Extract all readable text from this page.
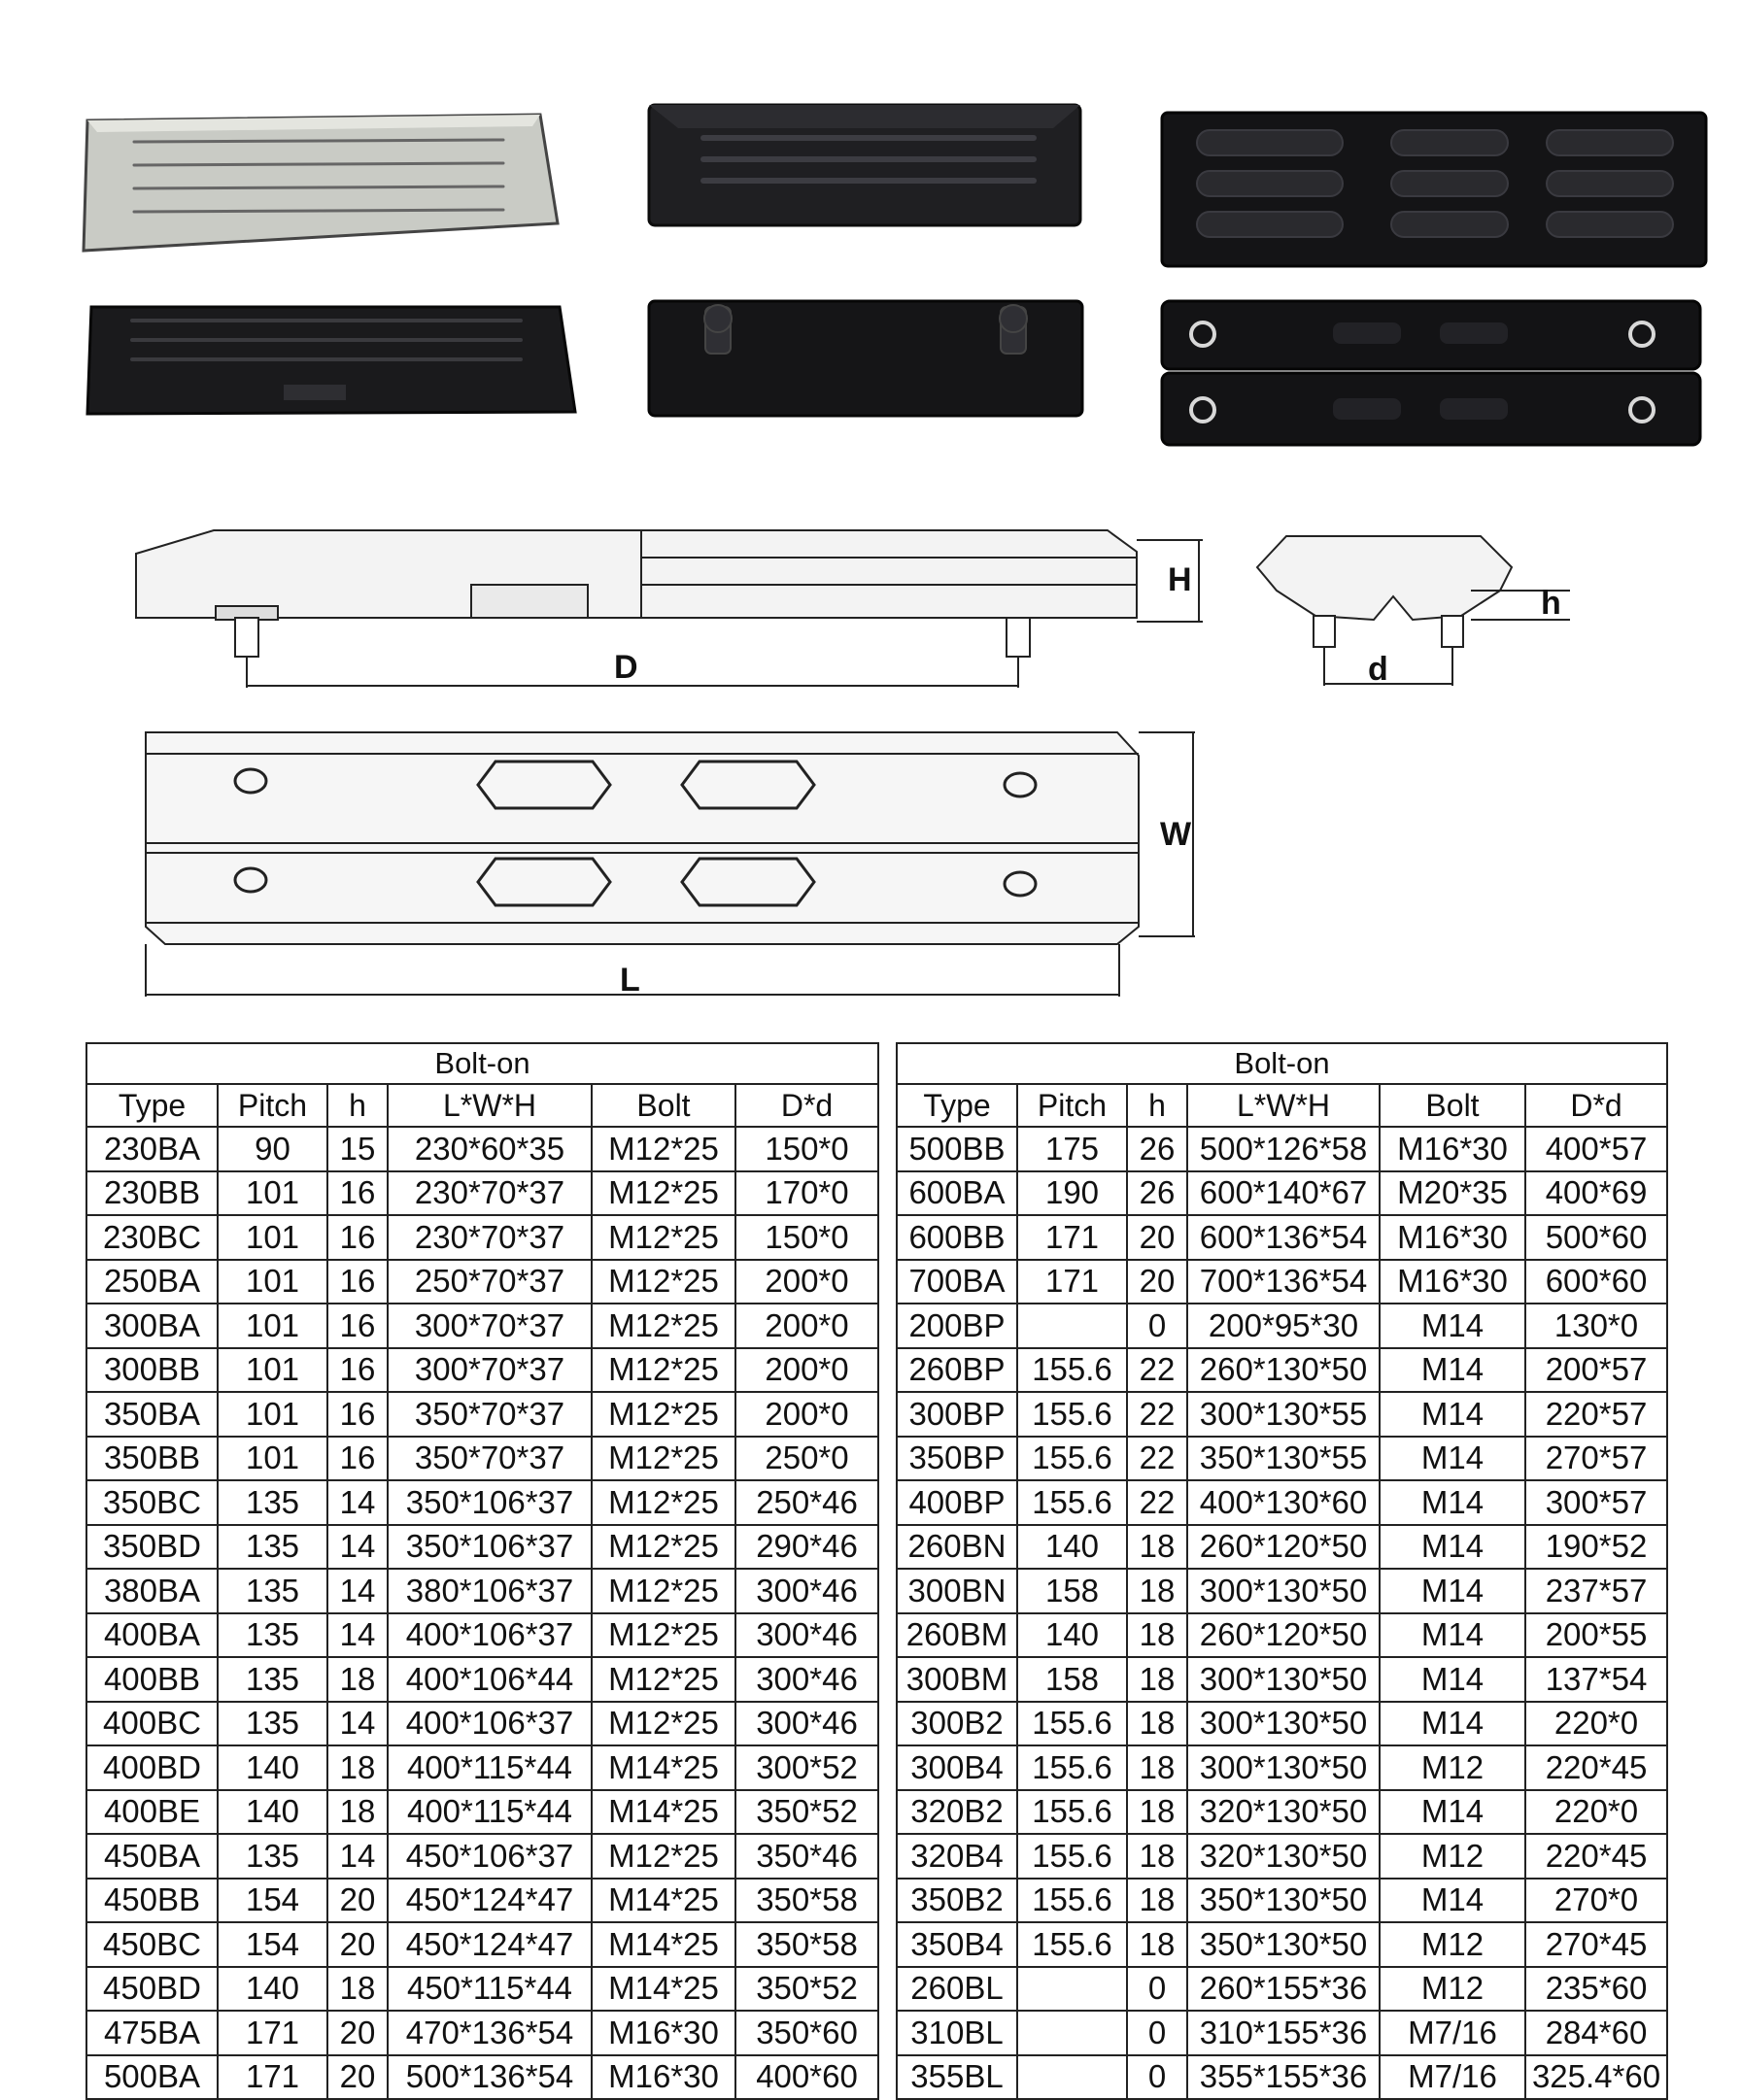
H
D
h
d
W
L
Bolt-on					
Type	Pitch	h	L*W*H	Bolt	D*d
230BA	90	15	230*60*35	M12*25	150*0
230BB	101	16	230*70*37	M12*25	170*0
230BC	101	16	230*70*37	M12*25	150*0
250BA	101	16	250*70*37	M12*25	200*0
300BA	101	16	300*70*37	M12*25	200*0
300BB	101	16	300*70*37	M12*25	200*0
350BA	101	16	350*70*37	M12*25	200*0
350BB	101	16	350*70*37	M12*25	250*0
350BC	135	14	350*106*37	M12*25	250*46
350BD	135	14	350*106*37	M12*25	290*46
380BA	135	14	380*106*37	M12*25	300*46
400BA	135	14	400*106*37	M12*25	300*46
400BB	135	18	400*106*44	M12*25	300*46
400BC	135	14	400*106*37	M12*25	300*46
400BD	140	18	400*115*44	M14*25	300*52
400BE	140	18	400*115*44	M14*25	350*52
450BA	135	14	450*106*37	M12*25	350*46
450BB	154	20	450*124*47	M14*25	350*58
450BC	154	20	450*124*47	M14*25	350*58
450BD	140	18	450*115*44	M14*25	350*52
475BA	171	20	470*136*54	M16*30	350*60
500BA	171	20	500*136*54	M16*30	400*60
Bolt-on					
Type	Pitch	h	L*W*H	Bolt	D*d
500BB	175	26	500*126*58	M16*30	400*57
600BA	190	26	600*140*67	M20*35	400*69
600BB	171	20	600*136*54	M16*30	500*60
700BA	171	20	700*136*54	M16*30	600*60
200BP		0	200*95*30	M14	130*0
260BP	155.6	22	260*130*50	M14	200*57
300BP	155.6	22	300*130*55	M14	220*57
350BP	155.6	22	350*130*55	M14	270*57
400BP	155.6	22	400*130*60	M14	300*57
260BN	140	18	260*120*50	M14	190*52
300BN	158	18	300*130*50	M14	237*57
260BM	140	18	260*120*50	M14	200*55
300BM	158	18	300*130*50	M14	137*54
300B2	155.6	18	300*130*50	M14	220*0
300B4	155.6	18	300*130*50	M12	220*45
320B2	155.6	18	320*130*50	M14	220*0
320B4	155.6	18	320*130*50	M12	220*45
350B2	155.6	18	350*130*50	M14	270*0
350B4	155.6	18	350*130*50	M12	270*45
260BL		0	260*155*36	M12	235*60
310BL		0	310*155*36	M7/16	284*60
355BL		0	355*155*36	M7/16	325.4*60
